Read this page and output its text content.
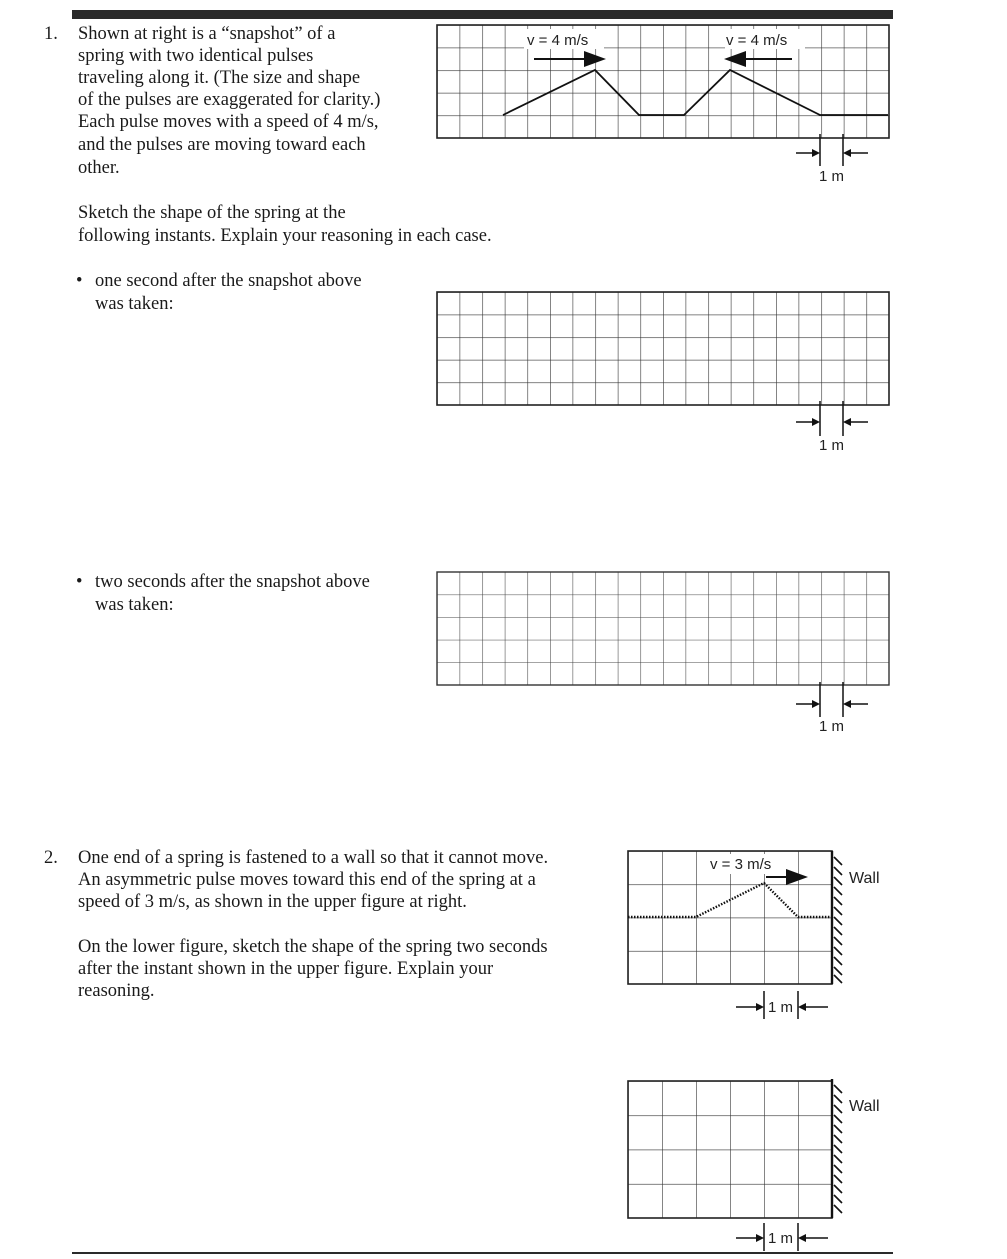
1. Shown at right is a “snapshot” of a
spring with two identical pulses
traveling along it. (The size and shape
of the pulses are exaggerated for clarity.)
Each pulse moves with a speed of 4 m/s,
and the pulses are moving toward each
other.
Sketch the shape of the spring at the
following instants. Explain your reasoning in each case.
• one second after the snapshot above
was taken:
• two seconds after the snapshot above
was taken:
v = 4 m/s	v = 4 m/s
1 m
1 m
1 m
2. One end of a spring is fastened to a wall so that it cannot move.
An asymmetric pulse moves toward this end of the spring at a
speed of 3 m/s, as shown in the upper figure at right.
On the lower figure, sketch the shape of the spring two seconds
after the instant shown in the upper figure. Explain your
reasoning.
Wall
v = 3 m/s
1 m
Wall
1 m
